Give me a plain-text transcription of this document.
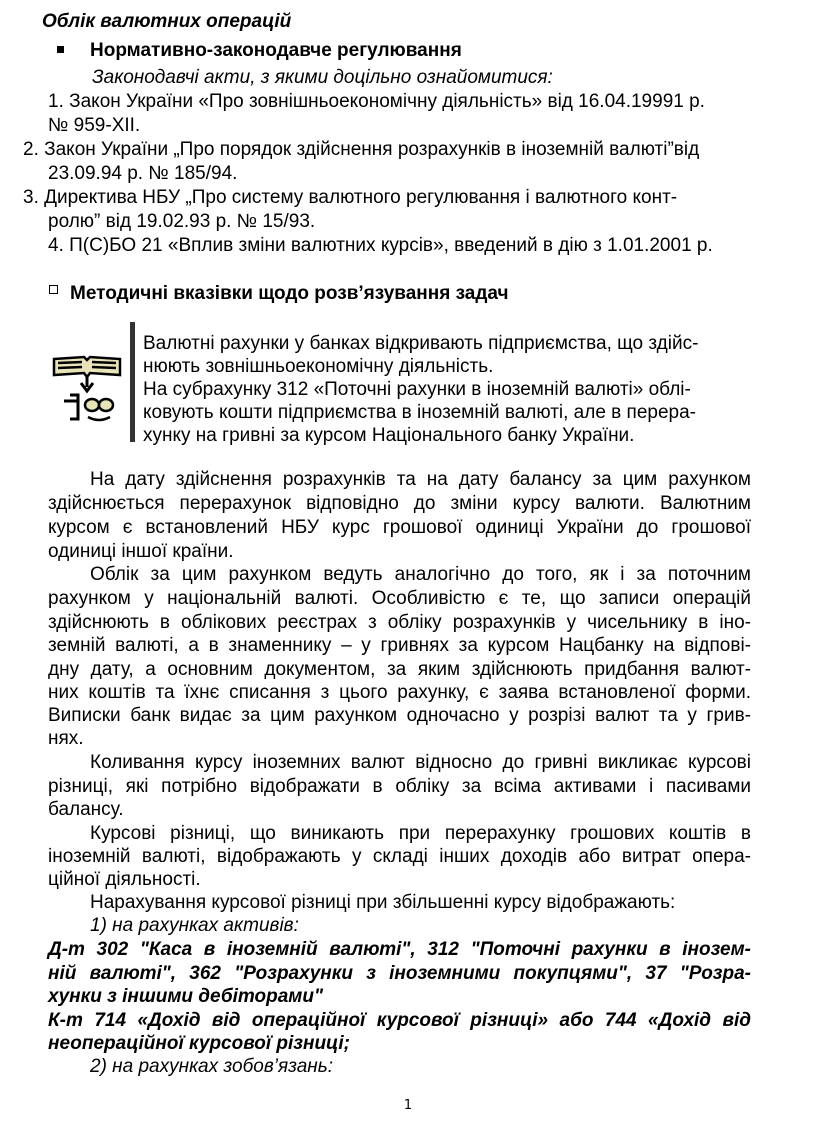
Облік валютних операцій
Нормативно-законодавче регулювання
Законодавчі акти, з якими доцільно ознайомитися:
1. Закон України «Про зовнішньоекономічну діяльність» від 16.04.19991 р.
№ 959-XII.
2. Закон України „Про порядок здійснення розрахунків в іноземній валюті”від
23.09.94 р. № 185/94.
3. Директива НБУ „Про систему валютного регулювання і валютного конт-
ролю” від 19.02.93 р. № 15/93.
4. П(С)БО 21 «Вплив зміни валютних курсів», введений в дію з 1.01.2001 р.
Методичні вказівки щодо розв’язування задач
Валютні рахунки у банках відкривають підприємства, що здійс-
нюють зовнішньоекономічну діяльність.
На субрахунку 312 «Поточні рахунки в іноземній валюті» облі-
ковують кошти підприємства в іноземній валюті, але в перера-
хунку на гривні за курсом Національного банку України.
На дату здійснення розрахунків та на дату балансу за цим рахунком
здійснюється перерахунок відповідно до зміни курсу валюти. Валютним
курсом є встановлений НБУ курс грошової одиниці України до грошової
одиниці іншої країни.
Облік за цим рахунком ведуть аналогічно до того, як і за поточним
рахунком у національній валюті. Особливістю є те, що записи операцій
здійснюють в облікових реєстрах з обліку розрахунків у чисельнику в іно-
земній валюті, а в знаменнику – у гривнях за курсом Нацбанку на відпові-
дну дату, а основним документом, за яким здійснюють придбання валют-
них коштів та їхнє списання з цього рахунку, є заява встановленої форми.
Виписки банк видає за цим рахунком одночасно у розрізі валют та у грив-
нях.
Коливання курсу іноземних валют відносно до гривні викликає курсові
різниці, які потрібно відображати в обліку за всіма активами і пасивами
балансу.
Курсові різниці, що виникають при перерахунку грошових коштів в
іноземній валюті, відображають у складі інших доходів або витрат опера-
ційної діяльності.
Нарахування курсової різниці при збільшенні курсу відображають:
1) на рахунках активів:
Д-т 302 "Каса в іноземній валюті", 312 "Поточні рахунки в інозем-
ній валюті", 362 "Розрахунки з іноземними покупцями", 37 "Розра-
хунки з іншими дебіторами"
К-т 714 «Дохід від операційної курсової різниці» або 744 «Дохід від
неопераційної курсової різниці;
2) на рахунках зобов’язань:
1
